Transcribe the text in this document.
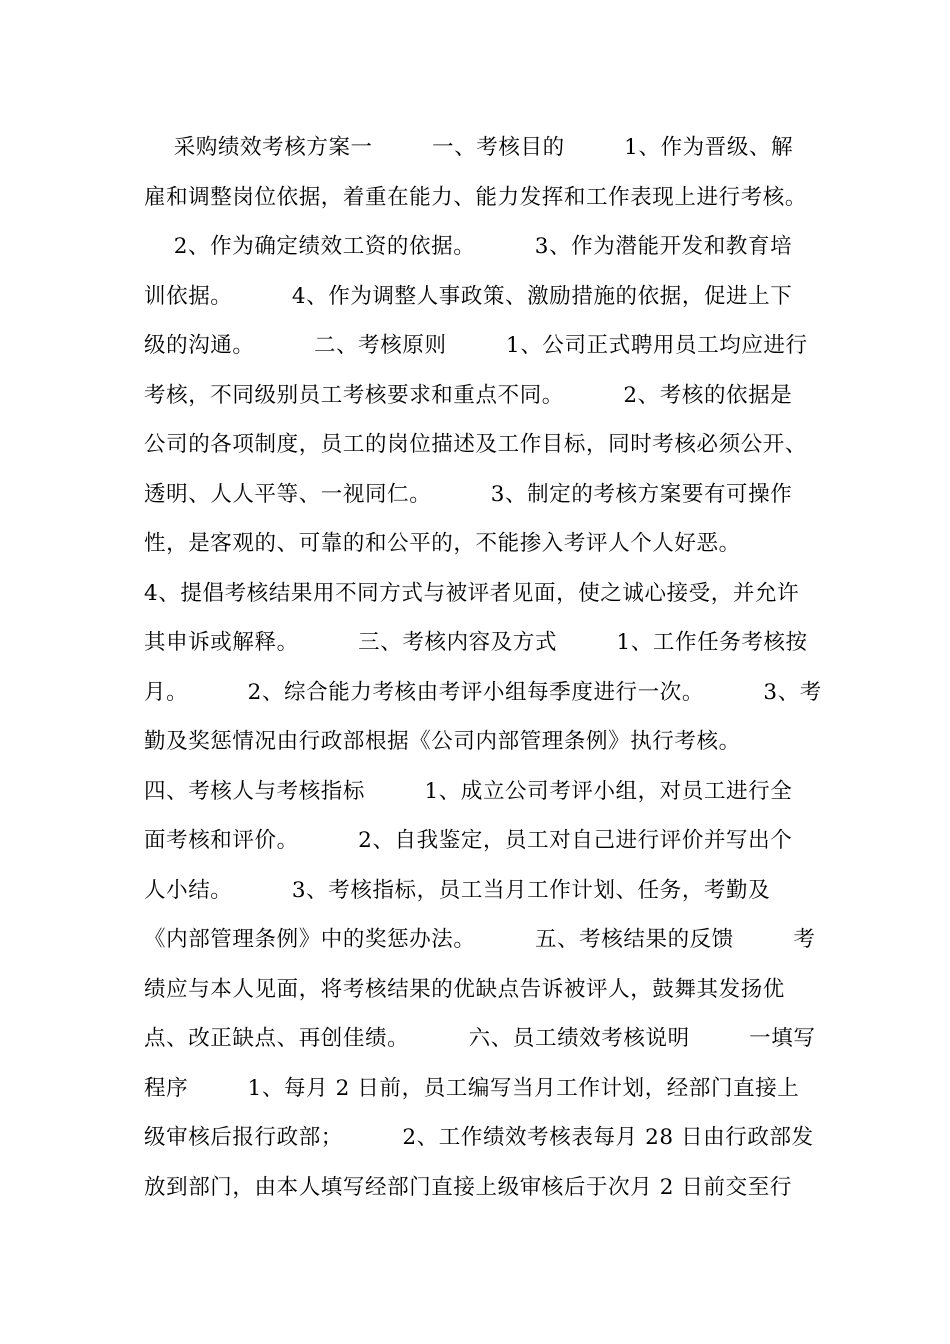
采购绩效考核方案一        一、考核目的        1、作为晋级、解
雇和调整岗位依据，着重在能力、能力发挥和工作表现上进行考核。
2、作为确定绩效工资的依据。        3、作为潜能开发和教育培
训依据。        4、作为调整人事政策、激励措施的依据，促进上下
级的沟通。        二、考核原则        1、公司正式聘用员工均应进行
考核，不同级别员工考核要求和重点不同。        2、考核的依据是
公司的各项制度，员工的岗位描述及工作目标，同时考核必须公开、
透明、人人平等、一视同仁。        3、制定的考核方案要有可操作
性，是客观的、可靠的和公平的，不能掺入考评人个人好恶。
4、提倡考核结果用不同方式与被评者见面，使之诚心接受，并允许
其申诉或解释。        三、考核内容及方式        1、工作任务考核按
月。        2、综合能力考核由考评小组每季度进行一次。        3、考
勤及奖惩情况由行政部根据《公司内部管理条例》执行考核。
四、考核人与考核指标        1、成立公司考评小组，对员工进行全
面考核和评价。        2、自我鉴定，员工对自己进行评价并写出个
人小结。        3、考核指标，员工当月工作计划、任务，考勤及
《内部管理条例》中的奖惩办法。        五、考核结果的反馈        考
绩应与本人见面，将考核结果的优缺点告诉被评人，鼓舞其发扬优
点、改正缺点、再创佳绩。        六、员工绩效考核说明        一填写
程序        1、每月 2 日前，员工编写当月工作计划，经部门直接上
级审核后报行政部；        2、工作绩效考核表每月 28 日由行政部发
放到部门，由本人填写经部门直接上级审核后于次月 2 日前交至行
